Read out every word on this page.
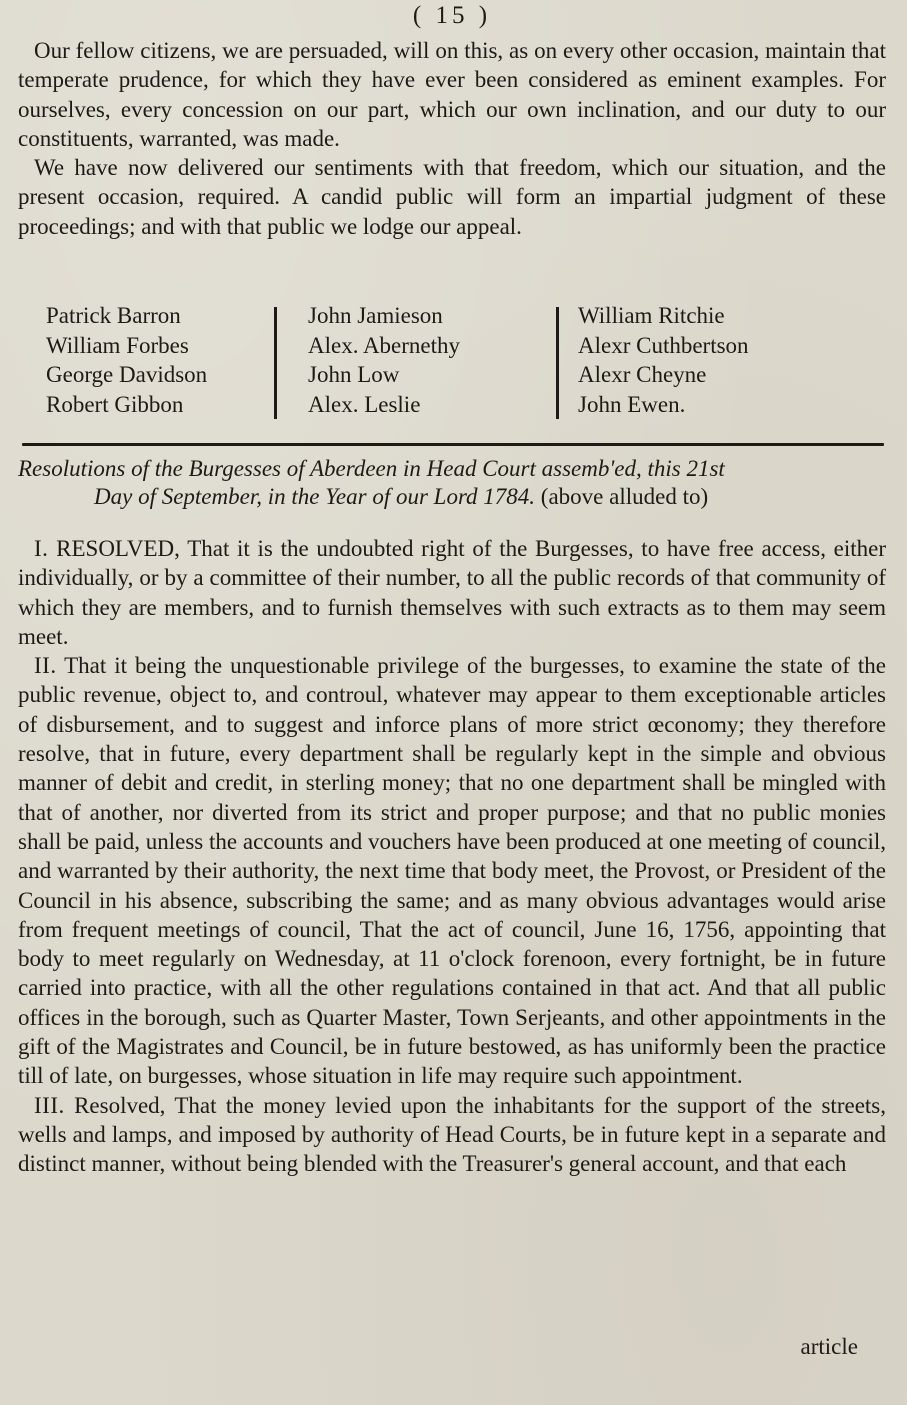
( 15 )

Our fellow citizens, we are persuaded, will on this, as on every other occasion, maintain that temperate prudence, for which they have ever been considered as eminent examples. For ourselves, every concession on our part, which our own inclination, and our duty to our constituents, warranted, was made.

We have now delivered our sentiments with that freedom, which our situation, and the present occasion, required. A candid public will form an impartial judgment of these proceedings; and with that public we lodge our appeal.

Patrick Barron
William Forbes
George Davidson
Robert Gibbon
John Jamieson
Alex. Abernethy
John Low
Alex. Leslie
William Ritchie
Alexr Cuthbertson
Alexr Cheyne
John Ewen.
Resolutions of the Burgesses of Aberdeen in Head Court assemb'ed, this 21st
Day of September, in the Year of our Lord 1784. (above alluded to)

I. RESOLVED, That it is the undoubted right of the Burgesses, to have free access, either individually, or by a committee of their number, to all the public records of that community of which they are members, and to furnish themselves with such extracts as to them may seem meet.

II. That it being the unquestionable privilege of the burgesses, to examine the state of the public revenue, object to, and controul, whatever may appear to them exceptionable articles of disbursement, and to suggest and inforce plans of more strict œconomy; they therefore resolve, that in future, every department shall be regularly kept in the simple and obvious manner of debit and credit, in sterling money; that no one department shall be mingled with that of another, nor diverted from its strict and proper purpose; and that no public monies shall be paid, unless the accounts and vouchers have been produced at one meeting of council, and warranted by their authority, the next time that body meet, the Provost, or President of the Council in his absence, subscribing the same; and as many obvious advantages would arise from frequent meetings of council, That the act of council, June 16, 1756, appointing that body to meet regularly on Wednesday, at 11 o'clock forenoon, every fortnight, be in future carried into practice, with all the other regulations contained in that act. And that all public offices in the borough, such as Quarter Master, Town Serjeants, and other appointments in the gift of the Magistrates and Council, be in future bestowed, as has uniformly been the practice till of late, on burgesses, whose situation in life may require such appointment.

III. Resolved, That the money levied upon the inhabitants for the support of the streets, wells and lamps, and imposed by authority of Head Courts, be in future kept in a separate and distinct manner, without being blended with the Treasurer's general account, and that each

article
